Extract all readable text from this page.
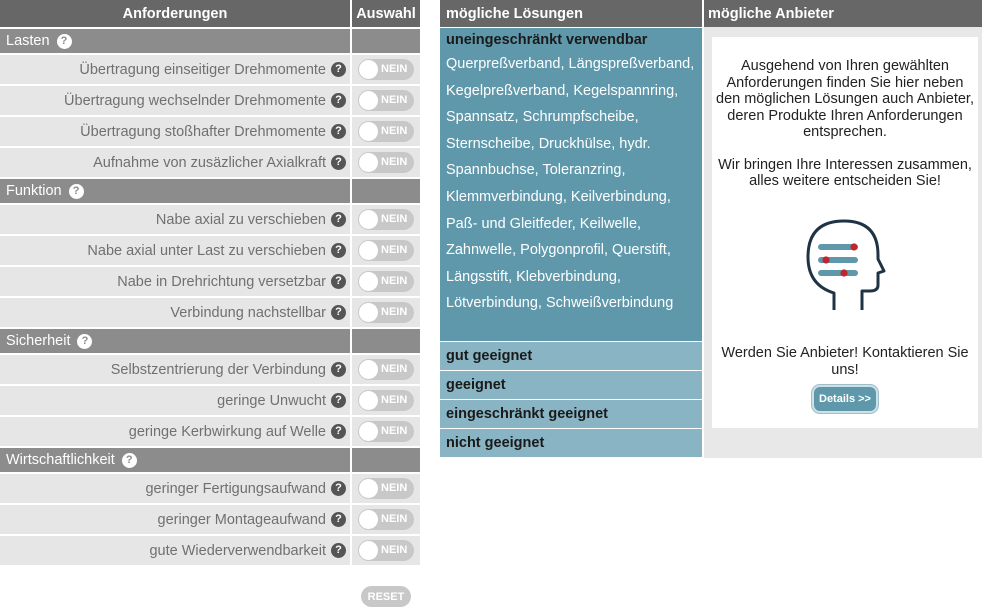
Anforderungen	Auswahl
Lasten	?
Übertragung einseitiger Drehmomente ?	NEIN
Übertragung wechselnder Drehmomente ?	NEIN
Übertragung stoßhafter Drehmomente ?	NEIN
Aufnahme von zusäzlicher Axialkraft ?	NEIN
Funktion	?
Nabe axial zu verschieben ?	NEIN
Nabe axial unter Last zu verschieben ?	NEIN
Nabe in Drehrichtung versetzbar ?	NEIN
Verbindung nachstellbar ?	NEIN
Sicherheit	?
Selbstzentrierung der Verbindung ?	NEIN
geringe Unwucht ?	NEIN
geringe Kerbwirkung auf Welle ?	NEIN
Wirtschaftlichkeit	?
geringer Fertigungsaufwand ?	NEIN
geringer Montageaufwand ?	NEIN
gute Wiederverwendbarkeit ?	NEIN
RESET
mögliche Lösungen
uneingeschränkt verwendbar
Querpreßverband, Längspreßverband, Kegelpreßverband, Kegelspannring, Spannsatz, Schrumpfscheibe, Sternscheibe, Druckhülse, hydr. Spannbuchse, Toleranzring, Klemmverbindung, Keilverbindung, Paß- und Gleitfeder, Keilwelle, Zahnwelle, Polygonprofil, Querstift, Längsstift, Klebverbindung, Lötverbindung, Schweißverbindung
gut geeignet
geeignet
eingeschränkt geeignet
nicht geeignet
mögliche Anbieter
Ausgehend von Ihren gewählten Anforderungen finden Sie hier neben den möglichen Lösungen auch Anbieter, deren Produkte Ihren Anforderungen entsprechen.
Wir bringen Ihre Interessen zusammen, alles weitere entscheiden Sie!
Werden Sie Anbieter! Kontaktieren Sie uns!
Details >>
